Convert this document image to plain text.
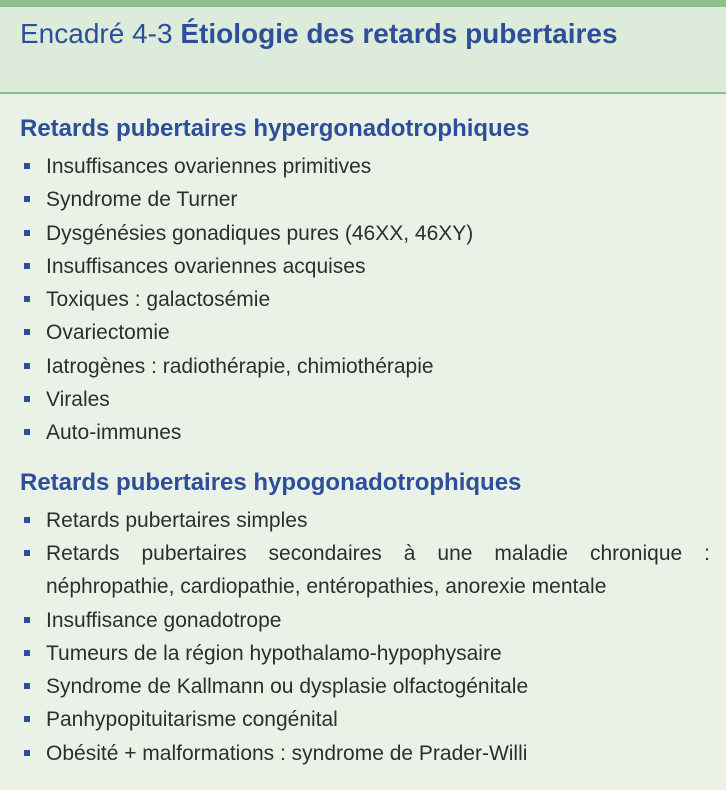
Encadré 4-3 Étiologie des retards pubertaires
Retards pubertaires hypergonadotrophiques
Insuffisances ovariennes primitives
Syndrome de Turner
Dysgénésies gonadiques pures (46XX, 46XY)
Insuffisances ovariennes acquises
Toxiques : galactosémie
Ovariectomie
Iatrogènes : radiothérapie, chimiothérapie
Virales
Auto-immunes
Retards pubertaires hypogonadotrophiques
Retards pubertaires simples
Retards pubertaires secondaires à une maladie chronique : néphropathie, cardiopathie, entéropathies, anorexie mentale
Insuffisance gonadotrope
Tumeurs de la région hypothalamo-hypophysaire
Syndrome de Kallmann ou dysplasie olfactogénitale
Panhypopituitarisme congénital
Obésité + malformations : syndrome de Prader-Willi
